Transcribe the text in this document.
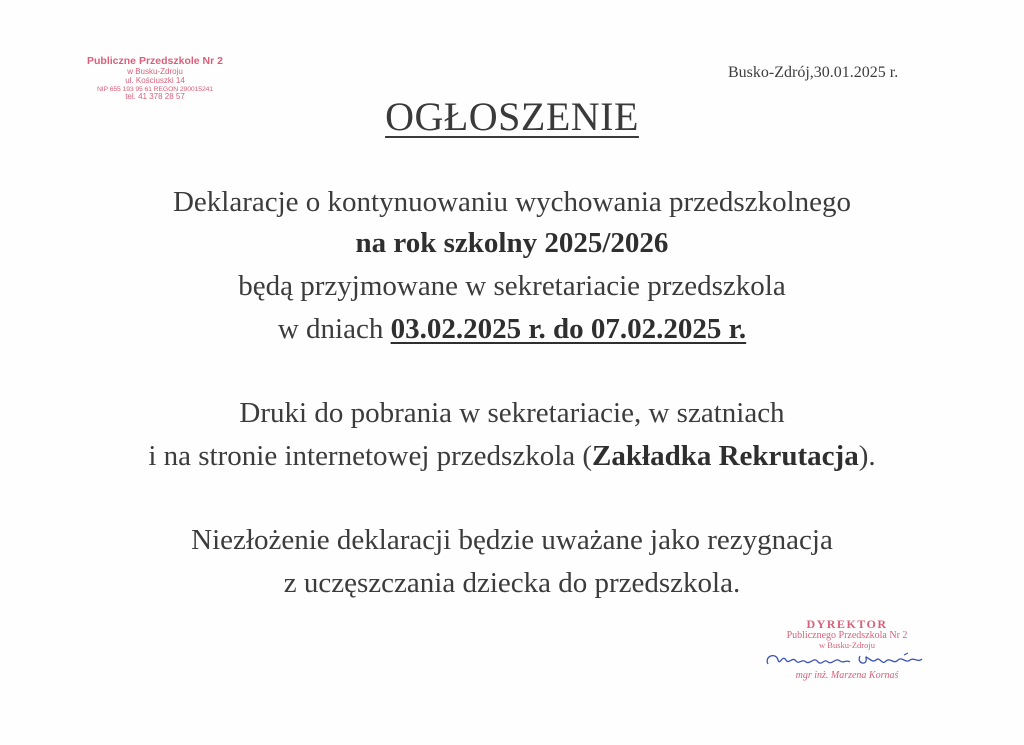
Publiczne Przedszkole Nr 2
w Busku-Zdroju
ul. Kościuszki 14
NIP 655 193 95 61 REGON 290015241
tel. 41 378 28 57
Busko-Zdrój,30.01.2025 r.
OGŁOSZENIE
Deklaracje o kontynuowaniu wychowania przedszkolnego
na rok szkolny 2025/2026
będą przyjmowane w sekretariacie przedszkola
w dniach 03.02.2025 r. do 07.02.2025 r.
Druki do pobrania w sekretariacie, w szatniach
i na stronie internetowej przedszkola (Zakładka Rekrutacja).
Niezłożenie deklaracji będzie uważane jako rezygnacja
z uczęszczania dziecka do przedszkola.
DYREKTOR
Publicznego Przedszkola Nr 2
w Busku-Zdroju
mgr inż. Marzena Kornaś
